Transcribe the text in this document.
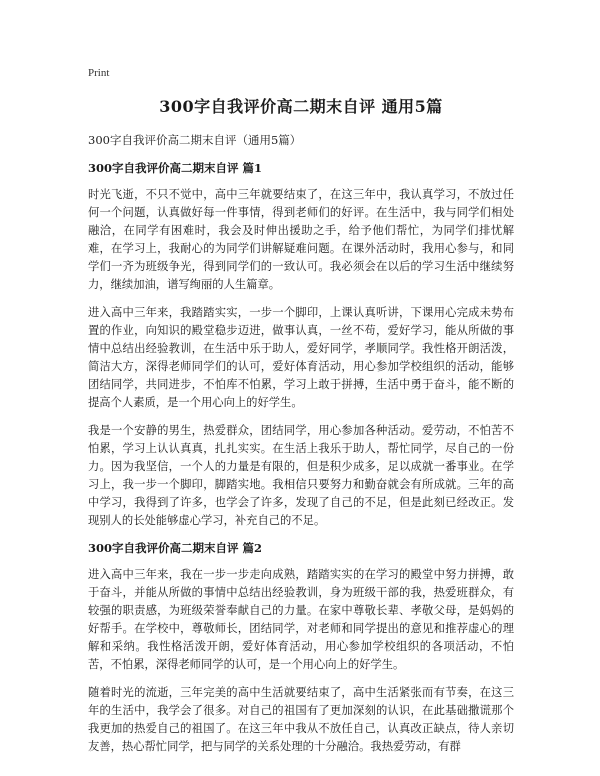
Print
300字自我评价高二期末自评 通用5篇
300字自我评价高二期末自评（通用5篇）
300字自我评价高二期末自评 篇1

时光飞逝，不只不觉中，高中三年就要结束了，在这三年中，我认真学习，不放过任何一个问题，认真做好每一件事情，得到老师们的好评。在生活中，我与同学们相处融洽，在同学有困难时，我会及时伸出援助之手，给予他们帮忙，为同学们排忧解难，在学习上，我耐心的为同学们讲解疑难问题。在课外活动时，我用心参与，和同学们一齐为班级争光，得到同学们的一致认可。我必须会在以后的学习生活中继续努力，继续加油，谱写绚丽的人生篇章。

进入高中三年来，我踏踏实实，一步一个脚印，上课认真听讲，下课用心完成未势布置的作业，向知识的殿堂稳步迈进，做事认真，一丝不苟，爱好学习，能从所做的事情中总结出经验教训，在生活中乐于助人，爱好同学，孝顺同学。我性格开朗活泼，简洁大方，深得老师同学们的认可，爱好体育活动，用心参加学校组织的活动，能够团结同学，共同进步，不怕库不怕累，学习上敢于拼搏，生活中勇于奋斗，能不断的提高个人素质，是一个用心向上的好学生。

我是一个安静的男生，热爱群众，团结同学，用心参加各种活动。爱劳动，不怕苦不怕累，学习上认认真真，扎扎实实。在生活上我乐于助人，帮忙同学，尽自己的一份力。因为我坚信，一个人的力量是有限的，但是积少成多，足以成就一番事业。在学习上，我一步一个脚印，脚踏实地。我相信只要努力和勤奋就会有所成就。三年的高中学习，我得到了许多，也学会了许多，发现了自己的不足，但是此刻已经改正。发现别人的长处能够虚心学习，补充自己的不足。

300字自我评价高二期末自评 篇2

进入高中三年来，我在一步一步走向成熟，踏踏实实的在学习的殿堂中努力拼搏，敢于奋斗，并能从所做的事情中总结出经验教训，身为班级干部的我，热爱班群众，有较强的职责感，为班级荣誉奉献自己的力量。在家中尊敬长辈、孝敬父母，是妈妈的好帮手。在学校中，尊敬师长，团结同学，对老师和同学提出的意见和推荐虚心的理解和采纳。我性格活泼开朗，爱好体育活动，用心参加学校组织的各项活动，不怕苦，不怕累，深得老师同学的认可，是一个用心向上的好学生。

随着时光的流逝，三年完美的高中生活就要结束了，高中生活紧张而有节奏，在这三年的生活中，我学会了很多。对自己的祖国有了更加深刻的认识，在此基础撒谎那个我更加的热爱自己的祖国了。在这三年中我从不放任自己，认真改正缺点，待人亲切友善，热心帮忙同学，把与同学的关系处理的十分融洽。我热爱劳动，有群
